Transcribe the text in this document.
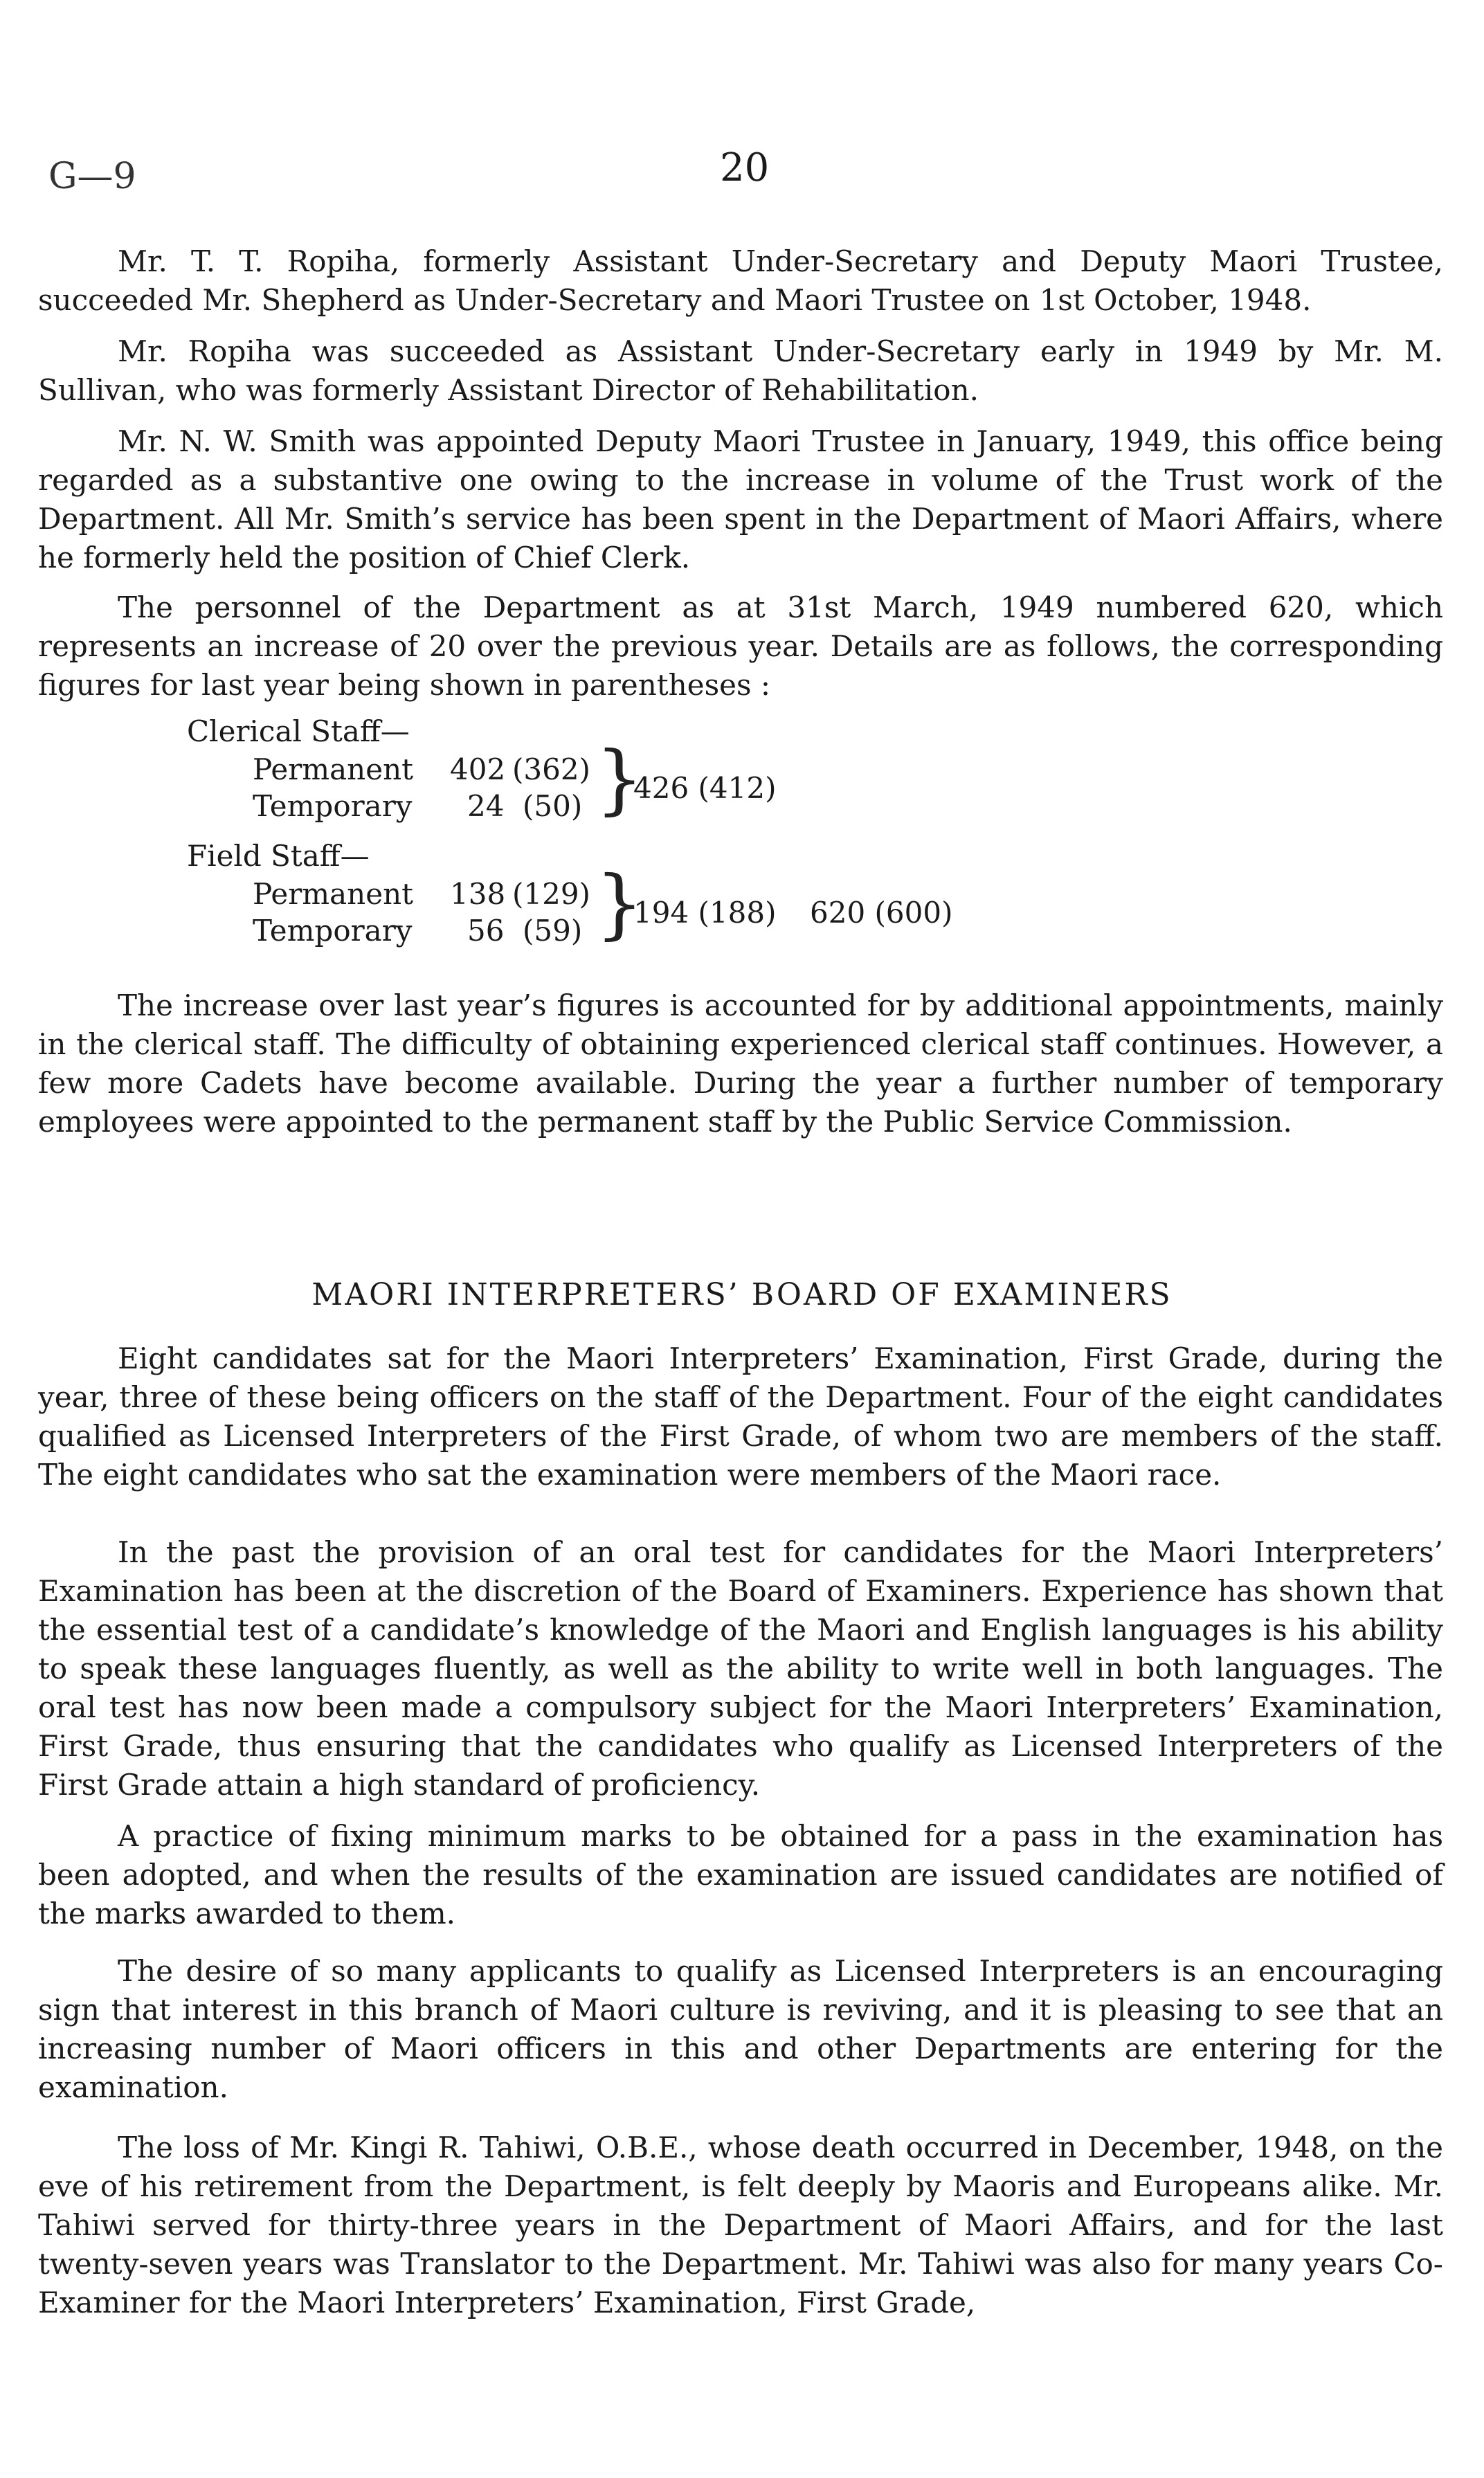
G—9	20

Mr. T. T. Ropiha, formerly Assistant Under-Secretary and Deputy Maori Trustee, succeeded Mr. Shepherd as Under-Secretary and Maori Trustee on 1st October, 1948.

Mr. Ropiha was succeeded as Assistant Under-Secretary early in 1949 by Mr. M. Sullivan, who was formerly Assistant Director of Rehabilitation.

Mr. N. W. Smith was appointed Deputy Maori Trustee in January, 1949, this office being regarded as a substantive one owing to the increase in volume of the Trust work of the Department. All Mr. Smith’s service has been spent in the Department of Maori Affairs, where he formerly held the position of Chief Clerk.

The personnel of the Department as at 31st March, 1949 numbered 620, which represents an increase of 20 over the previous year. Details are as follows, the corresponding figures for last year being shown in parentheses :

Clerical Staff—
Permanent 402 (362)
Temporary 24 (50) }
426 (412)
Field Staff—
Permanent 138 (129)
Temporary 56 (59) }
194 (188) 620 (600)

The increase over last year’s figures is accounted for by additional appointments, mainly in the clerical staff. The difficulty of obtaining experienced clerical staff continues. However, a few more Cadets have become available. During the year a further number of temporary employees were appointed to the permanent staff by the Public Service Commission.

MAORI INTERPRETERS’ BOARD OF EXAMINERS

Eight candidates sat for the Maori Interpreters’ Examination, First Grade, during the year, three of these being officers on the staff of the Department. Four of the eight candidates qualified as Licensed Interpreters of the First Grade, of whom two are members of the staff. The eight candidates who sat the examination were members of the Maori race.

In the past the provision of an oral test for candidates for the Maori Interpreters’ Examination has been at the discretion of the Board of Examiners. Experience has shown that the essential test of a candidate’s knowledge of the Maori and English languages is his ability to speak these languages fluently, as well as the ability to write well in both languages. The oral test has now been made a compulsory subject for the Maori Interpreters’ Examination, First Grade, thus ensuring that the candidates who qualify as Licensed Interpreters of the First Grade attain a high standard of proficiency.

A practice of fixing minimum marks to be obtained for a pass in the examination has been adopted, and when the results of the examination are issued candidates are notified of the marks awarded to them.

The desire of so many applicants to qualify as Licensed Interpreters is an encouraging sign that interest in this branch of Maori culture is reviving, and it is pleasing to see that an increasing number of Maori officers in this and other Departments are entering for the examination.

The loss of Mr. Kingi R. Tahiwi, O.B.E., whose death occurred in December, 1948, on the eve of his retirement from the Department, is felt deeply by Maoris and Europeans alike. Mr. Tahiwi served for thirty-three years in the Department of Maori Affairs, and for the last twenty-seven years was Translator to the Department. Mr. Tahiwi was also for many years Co-Examiner for the Maori Interpreters’ Examination, First Grade,
